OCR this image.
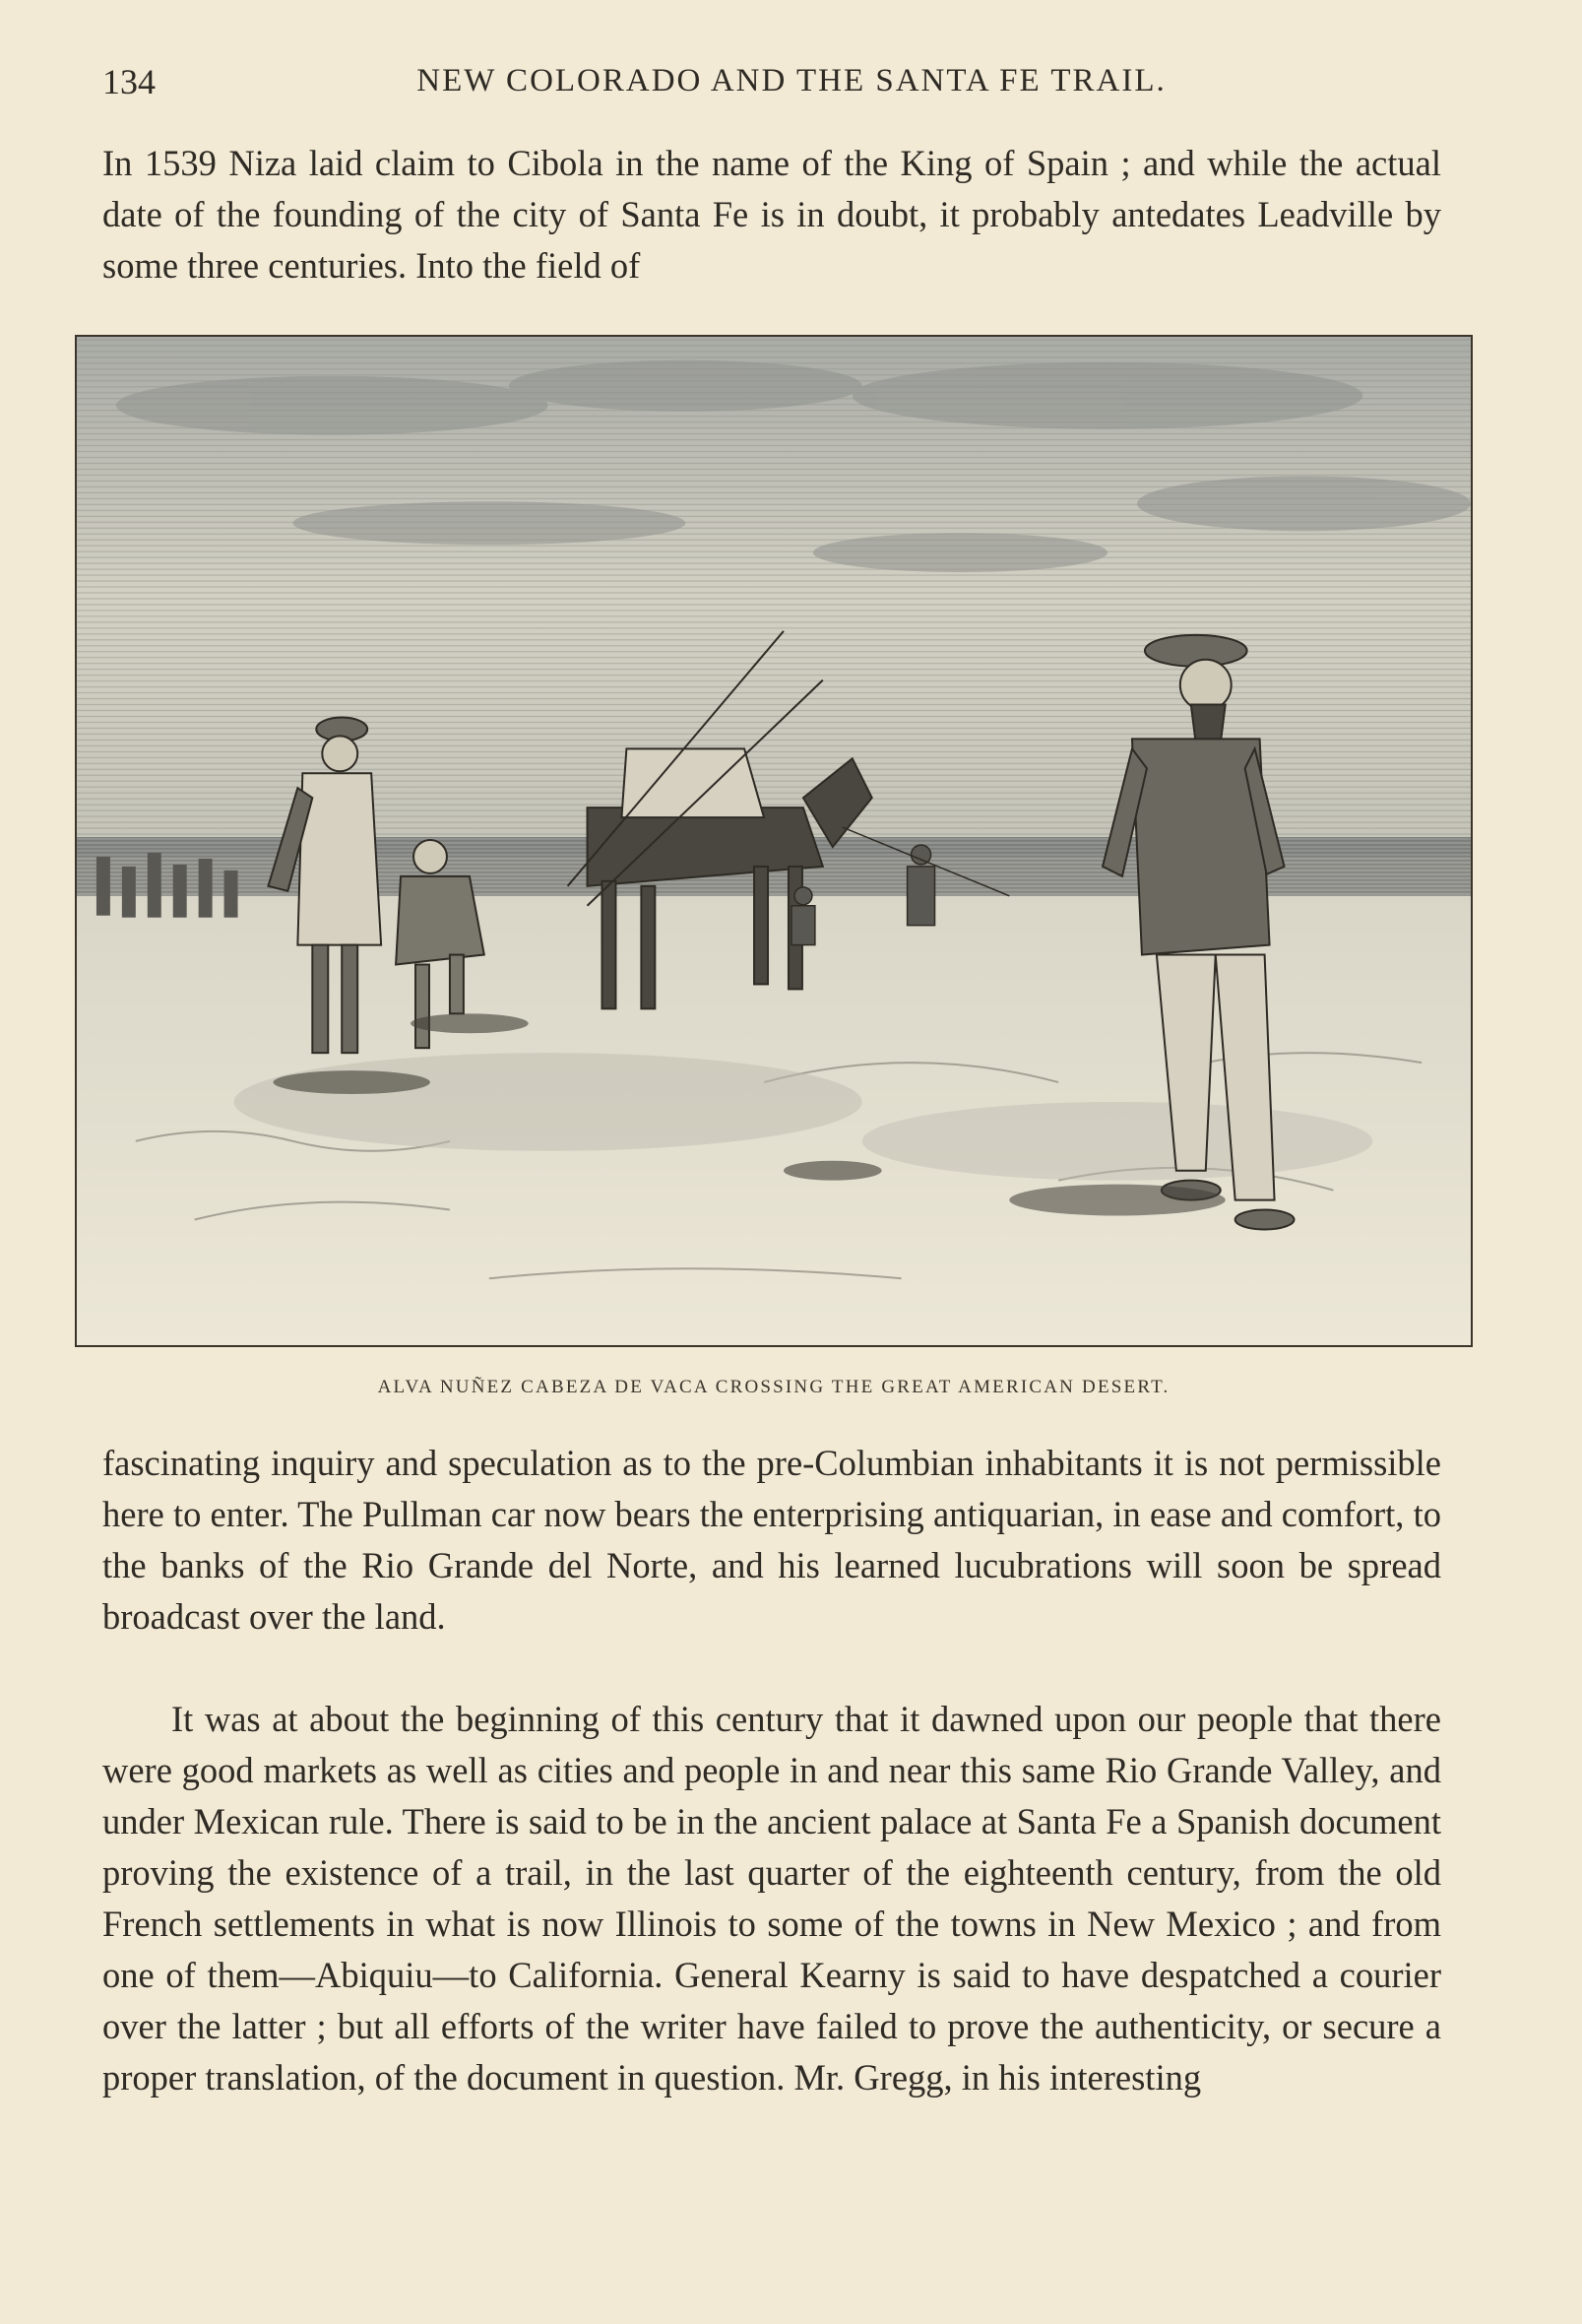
134	NEW COLORADO AND THE SANTA FE TRAIL.

In 1539 Niza laid claim to Cibola in the name of the King of Spain ; and while the actual date of the founding of the city of Santa Fe is in doubt, it probably antedates Leadville by some three centuries. Into the field of

ALVA NUÑEZ CABEZA DE VACA CROSSING THE GREAT AMERICAN DESERT.

fascinating inquiry and speculation as to the pre-Columbian inhabitants it is not permissible here to enter. The Pullman car now bears the enterprising antiquarian, in ease and comfort, to the banks of the Rio Grande del Norte, and his learned lucubrations will soon be spread broadcast over the land.

It was at about the beginning of this century that it dawned upon our people that there were good markets as well as cities and people in and near this same Rio Grande Valley, and under Mexican rule. There is said to be in the ancient palace at Santa Fe a Spanish document proving the existence of a trail, in the last quarter of the eighteenth century, from the old French settlements in what is now Illinois to some of the towns in New Mexico ; and from one of them—Abiquiu—to California. General Kearny is said to have despatched a courier over the latter ; but all efforts of the writer have failed to prove the authenticity, or secure a proper translation, of the document in question. Mr. Gregg, in his interesting
